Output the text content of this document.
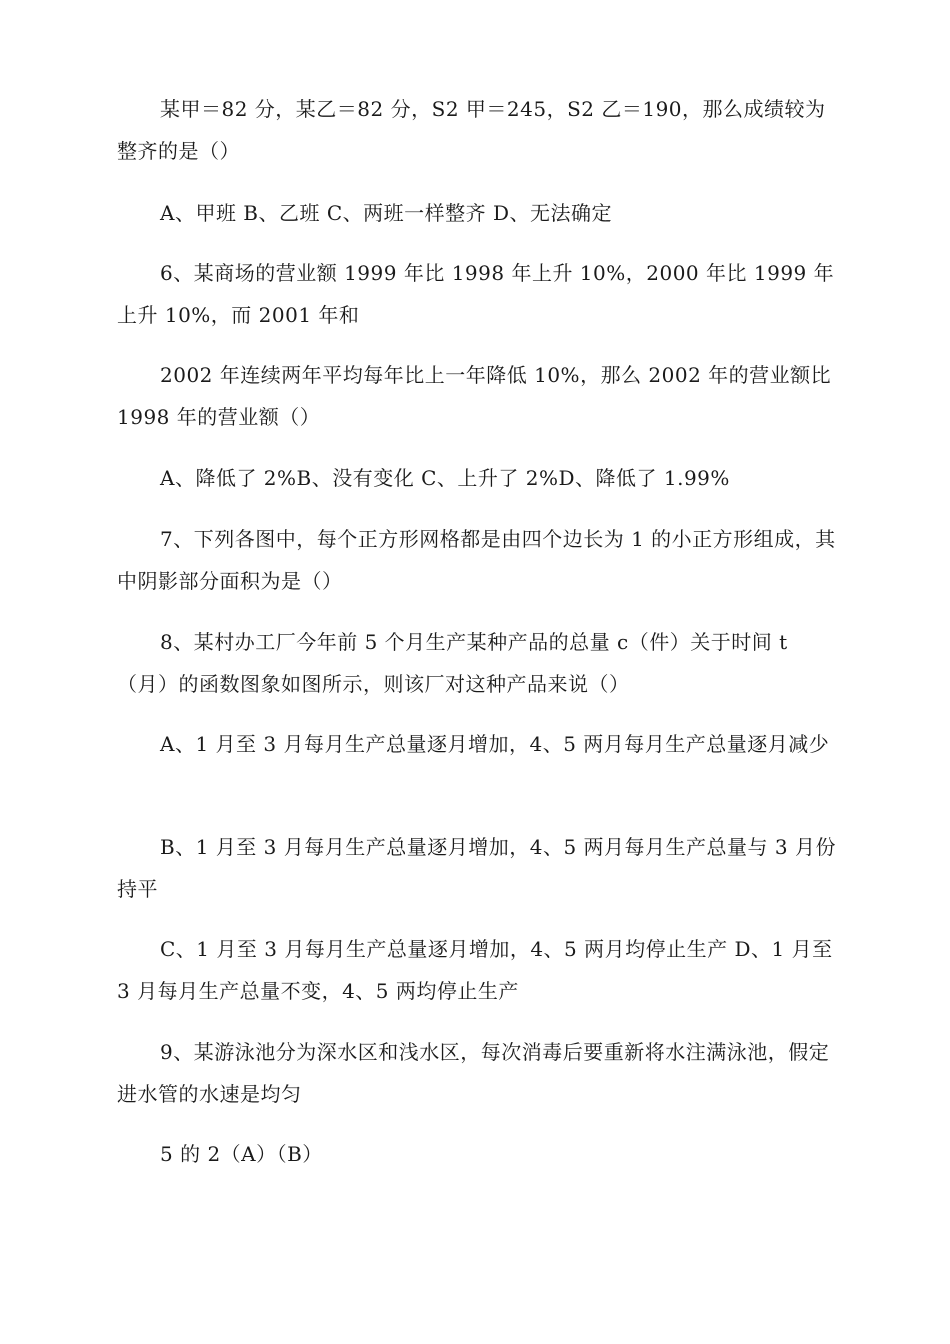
某甲＝82 分，某乙＝82 分，S2 甲＝245，S2 乙＝190，那么成绩较为整齐的是（）

A、甲班 B、乙班 C、两班一样整齐 D、无法确定

6、某商场的营业额 1999 年比 1998 年上升 10%，2000 年比 1999 年上升 10%，而 2001 年和

2002 年连续两年平均每年比上一年降低 10%，那么 2002 年的营业额比 1998 年的营业额（）

A、降低了 2%B、没有变化 C、上升了 2%D、降低了 1.99%

7、下列各图中，每个正方形网格都是由四个边长为 1 的小正方形组成，其中阴影部分面积为是（）

8、某村办工厂今年前 5 个月生产某种产品的总量 c（件）关于时间 t（月）的函数图象如图所示，则该厂对这种产品来说（）

A、1 月至 3 月每月生产总量逐月增加，4、5 两月每月生产总量逐月减少

B、1 月至 3 月每月生产总量逐月增加，4、5 两月每月生产总量与 3 月份持平

C、1 月至 3 月每月生产总量逐月增加，4、5 两月均停止生产 D、1 月至 3 月每月生产总量不变，4、5 两均停止生产

9、某游泳池分为深水区和浅水区，每次消毒后要重新将水注满泳池，假定进水管的水速是均匀

5 的 2（A）（B）
